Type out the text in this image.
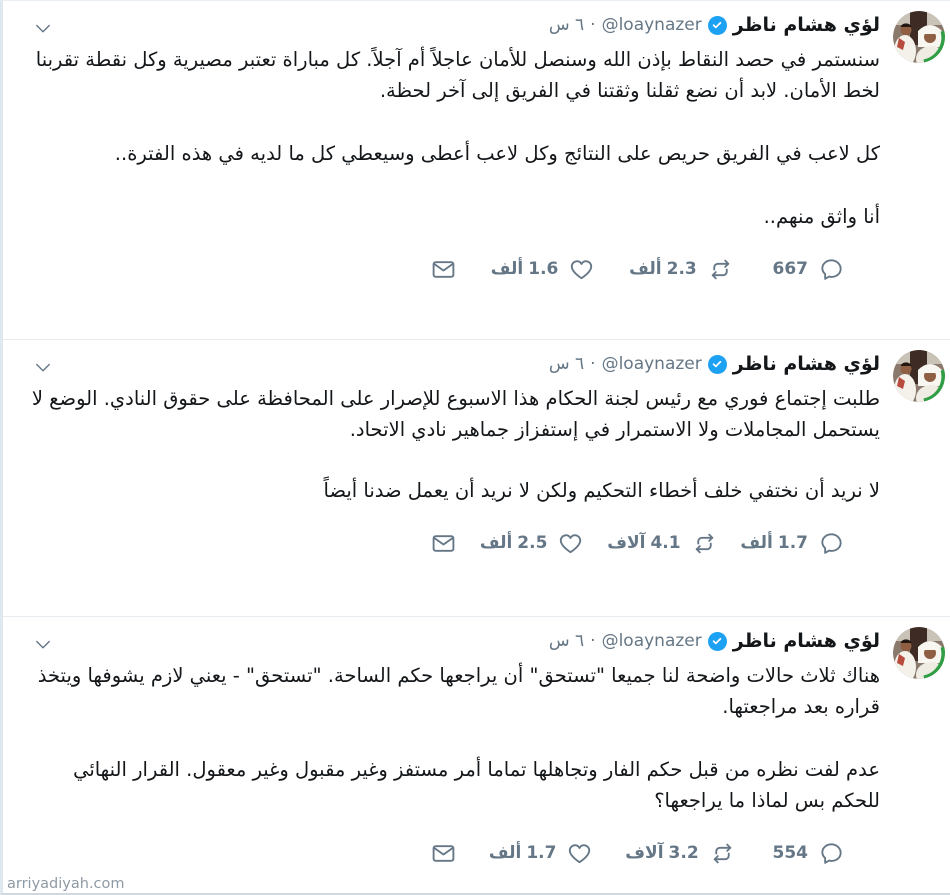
لؤي هشام ناظر
@loaynazer
·
٦ س

سنستمر في حصد النقاط بإذن الله وسنصل للأمان عاجلاً أم آجلاً. كل مباراة تعتبر مصيرية وكل نقطة تقربنا لخط الأمان. لابد أن نضع ثقلنا وثقتنا في الفريق إلى آخر لحظة.

كل لاعب في الفريق حريص على النتائج وكل لاعب أعطى وسيعطي كل ما لديه في هذه الفترة..

أنا واثق منهم..

667
2.3
ألف
1.6
ألف
لؤي هشام ناظر
@loaynazer
·
٦ س

طلبت إجتماع فوري مع رئيس لجنة الحكام هذا الاسبوع للإصرار على المحافظة على حقوق النادي. الوضع لا يستحمل المجاملات ولا الاستمرار في إستفزاز جماهير نادي الاتحاد.

لا نريد أن نختفي خلف أخطاء التحكيم ولكن لا نريد أن يعمل ضدنا أيضاً

1.7
ألف
4.1
آلاف
2.5
ألف
لؤي هشام ناظر
@loaynazer
·
٦ س

هناك ثلاث حالات واضحة لنا جميعا "تستحق" أن يراجعها حكم الساحة. "تستحق" - يعني لازم يشوفها ويتخذ قراره بعد مراجعتها.

عدم لفت نظره من قبل حكم الفار وتجاهلها تماما أمر مستفز وغير مقبول وغير معقول. القرار النهائي للحكم بس لماذا ما يراجعها؟

554
3.2
آلاف
1.7
ألف
arriyadiyah.com
